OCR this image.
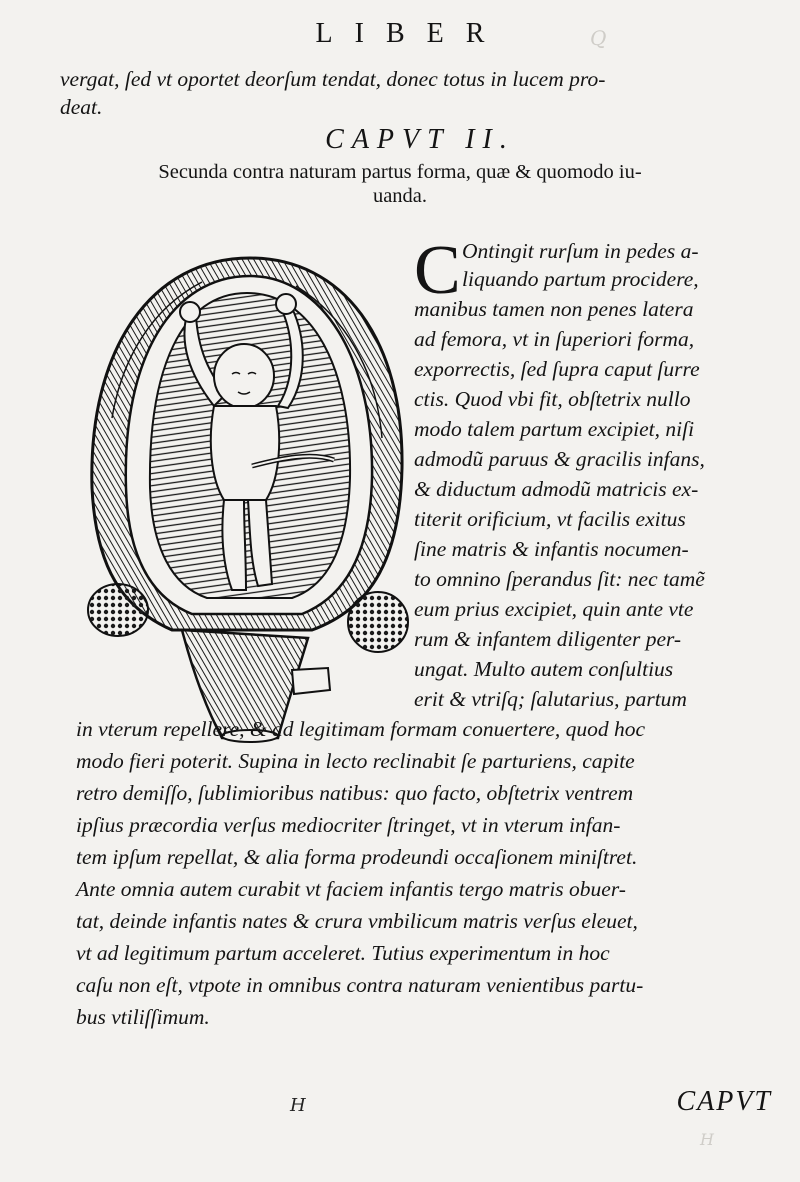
Q
H
LIBER
vergat, ſed vt oportet deorſum tendat, donec totus in lucem pro-
deat.
CAPVT II.
Secunda contra naturam partus forma, quæ & quomodo iu-
uanda.
C Ontingit rurſum in pedes a-
liquando partum procidere,
manibus tamen non penes latera
ad femora, vt in ſuperiori forma,
exporrectis, ſed ſupra caput ſurre
ctis. Quod vbi fit, obſtetrix nullo
modo talem partum excipiet, niſi
admodũ paruus & gracilis infans,
& diductum admodũ matricis ex-
titerit orificium, vt facilis exitus
ſine matris & infantis nocumen-
to omnino ſperandus ſit: nec tamẽ
eum prius excipiet, quin ante vte
rum & infantem diligenter per-
ungat. Multo autem conſultius
erit & vtriſq; ſalutarius, partum
in vterum repellere, & ad legitimam formam conuertere, quod hoc
modo fieri poterit. Supina in lecto reclinabit ſe parturiens, capite
retro demiſſo, ſublimioribus natibus: quo facto, obſtetrix ventrem
ipſius præcordia verſus mediocriter ſtringet, vt in vterum infan-
tem ipſum repellat, & alia forma prodeundi occaſionem miniſtret.
Ante omnia autem curabit vt faciem infantis tergo matris obuer-
tat, deinde infantis nates & crura vmbilicum matris verſus eleuet,
vt ad legitimum partum acceleret. Tutius experimentum in hoc
caſu non eſt, vtpote in omnibus contra naturam venientibus partu-
bus vtiliſſimum.
H	CAPVT
